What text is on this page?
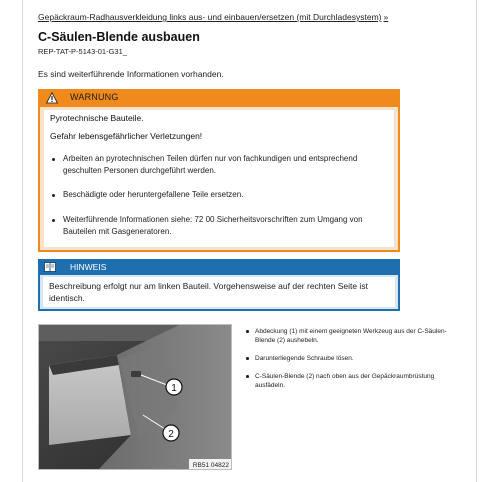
Gepäckraum-Radhausverkleidung links aus- und einbauen/ersetzen (mit Durchladesystem) »
C-Säulen-Blende ausbauen
REP-TAT-P-5143-01-G31_
Es sind weiterführende Informationen vorhanden.
WARNUNG
Pyrotechnische Bauteile.
Gefahr lebensgefährlicher Verletzungen!
Arbeiten an pyrotechnischen Teilen dürfen nur von fachkundigen und entsprechend geschulten Personen durchgeführt werden.
Beschädigte oder heruntergefallene Teile ersetzen.
Weiterführende Informationen siehe: 72 00 Sicherheitsvorschriften zum Umgang von Bauteilen mit Gasgeneratoren.
HINWEIS
Beschreibung erfolgt nur am linken Bauteil. Vorgehensweise auf der rechten Seite ist identisch.
1
2
RB51 04822
Abdeckung (1) mit einem geeigneten Werkzeug aus der C-Säulen-Blende (2) aushebeln.
Darunterliegende Schraube lösen.
C-Säulen-Blende (2) nach oben aus der Gepäckraumbrüstung ausfädeln.
